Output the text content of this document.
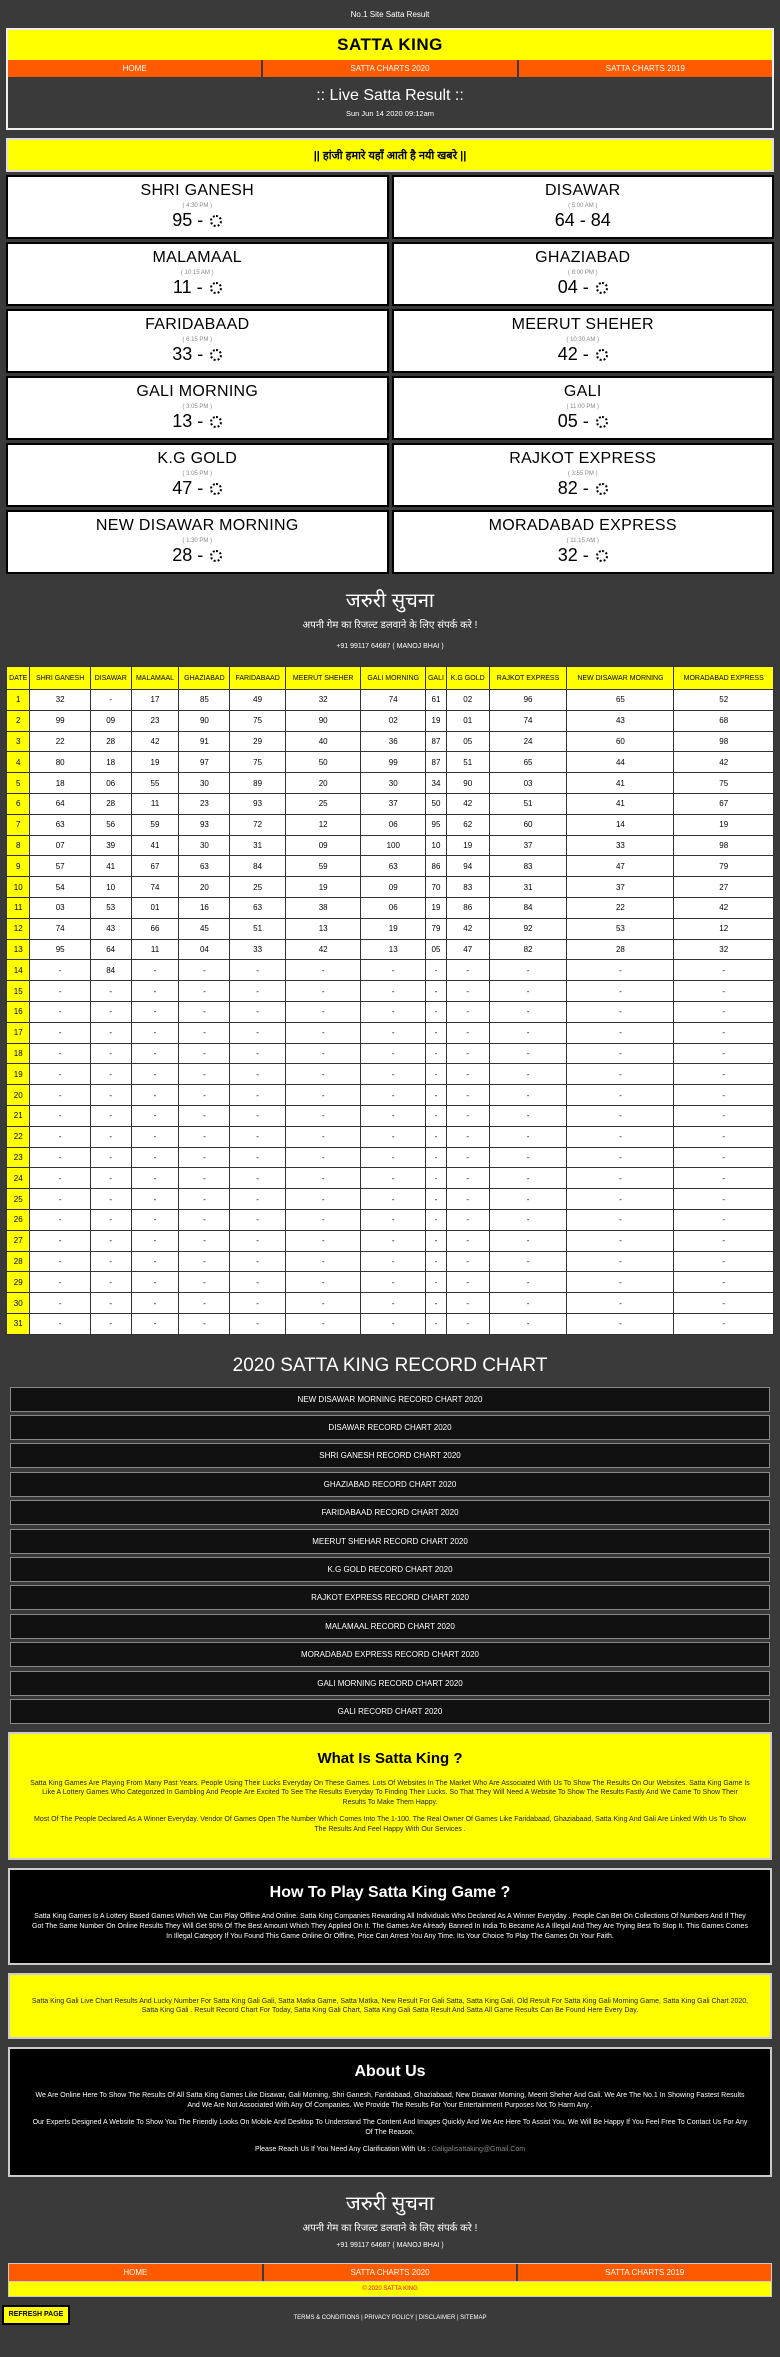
No.1 Site Satta Result
SATTA KING
HOME	SATTA CHARTS 2020	SATTA CHARTS 2019
:: Live Satta Result ::
Sun Jun 14 2020 09:12am
|| हांजी हमारे यहाँ आती है नयी खबरे ||
SHRI GANESH
( 4:30 PM )
95 -
DISAWAR
( 5:00 AM )
64 - 84
MALAMAAL
( 10:15 AM )
11 -
GHAZIABAD
( 8:00 PM )
04 -
FARIDABAAD
( 6:15 PM )
33 -
MEERUT SHEHER
( 10:30 AM )
42 -
GALI MORNING
( 3:05 PM )
13 -
GALI
( 11:00 PM )
05 -
K.G GOLD
( 3:05 PM )
47 -
RAJKOT EXPRESS
( 3:55 PM )
82 -
NEW DISAWAR MORNING
( 1:30 PM )
28 -
MORADABAD EXPRESS
( 11:15 AM )
32 -
जरुरी सुचना
अपनी गेम का रिजल्ट डलवाने के लिए संपर्क करे !
+91 99117 64687 ( MANOJ BHAI )
DATE	SHRI GANESH	DISAWAR	MALAMAAL	GHAZIABAD	FARIDABAAD	MEERUT SHEHER	GALI MORNING	GALI	K.G GOLD	RAJKOT EXPRESS	NEW DISAWAR MORNING	MORADABAD EXPRESS
1	32	-	17	85	49	32	74	61	02	96	65	52
2	99	09	23	90	75	90	02	19	01	74	43	68
3	22	28	42	91	29	40	36	87	05	24	60	98
4	80	18	19	97	75	50	99	87	51	65	44	42
5	18	06	55	30	89	20	30	34	90	03	41	75
6	64	28	11	23	93	25	37	50	42	51	41	67
7	63	56	59	93	72	12	06	95	62	60	14	19
8	07	39	41	30	31	09	100	10	19	37	33	98
9	57	41	67	63	84	59	63	86	94	83	47	79
10	54	10	74	20	25	19	09	70	83	31	37	27
11	03	53	01	16	63	38	06	19	86	84	22	42
12	74	43	66	45	51	13	19	79	42	92	53	12
13	95	64	11	04	33	42	13	05	47	82	28	32
14	-	84	-	-	-	-	-	-	-	-	-	-
15	-	-	-	-	-	-	-	-	-	-	-	-
16	-	-	-	-	-	-	-	-	-	-	-	-
17	-	-	-	-	-	-	-	-	-	-	-	-
18	-	-	-	-	-	-	-	-	-	-	-	-
19	-	-	-	-	-	-	-	-	-	-	-	-
20	-	-	-	-	-	-	-	-	-	-	-	-
21	-	-	-	-	-	-	-	-	-	-	-	-
22	-	-	-	-	-	-	-	-	-	-	-	-
23	-	-	-	-	-	-	-	-	-	-	-	-
24	-	-	-	-	-	-	-	-	-	-	-	-
25	-	-	-	-	-	-	-	-	-	-	-	-
26	-	-	-	-	-	-	-	-	-	-	-	-
27	-	-	-	-	-	-	-	-	-	-	-	-
28	-	-	-	-	-	-	-	-	-	-	-	-
29	-	-	-	-	-	-	-	-	-	-	-	-
30	-	-	-	-	-	-	-	-	-	-	-	-
31	-	-	-	-	-	-	-	-	-	-	-	-
2020 SATTA KING RECORD CHART
NEW DISAWAR MORNING RECORD CHART 2020
DISAWAR RECORD CHART 2020
SHRI GANESH RECORD CHART 2020
GHAZIABAD RECORD CHART 2020
FARIDABAAD RECORD CHART 2020
MEERUT SHEHAR RECORD CHART 2020
K.G GOLD RECORD CHART 2020
RAJKOT EXPRESS RECORD CHART 2020
MALAMAAL RECORD CHART 2020
MORADABAD EXPRESS RECORD CHART 2020
GALI MORNING RECORD CHART 2020
GALI RECORD CHART 2020
What Is Satta King ?

Satta King Games Are Playing From Many Past Years. People Using Their Lucks Everyday On These Games. Lots Of Websites In The Market Who Are Associated With Us To Show The Results On Our Websites. Satta King Game Is Like A Lottery Games Who Categorized In Gambling And People Are Excited To See The Results Everyday To Finding Their Lucks. So That They Will Need A Website To Show The Results Fastly And We Came To Show Their Results To Make Them Happy.

Most Of The People Declared As A Winner Everyday. Vendor Of Games Open The Number Which Comes Into The 1-100. The Real Owner Of Games Like Faridabaad, Ghaziabaad, Satta King And Gali Are Linked With Us To Show The Results And Feel Happy With Our Services .

How To Play Satta King Game ?

Satta King Games Is A Lottery Based Games Which We Can Play Offline And Online. Satta King Companies Rewarding All Individuals Who Declared As A Winner Everyday . People Can Bet On Collections Of Numbers And If They Got The Same Number On Online Results They Will Get 90% Of The Best Amount Which They Applied On It. The Games Are Already Banned In India To Became As A Illegal And They Are Trying Best To Stop It. This Games Comes In Illegal Category If You Found This Game Online Or Offline, Price Can Arrest You Any Time. Its Your Choice To Play The Games On Your Faith.

Satta King Gali Live Chart Results And Lucky Number For Satta King Gali Gali, Satta Matka Game, Satta Matka, New Result For Gali Satta, Satta King Gali, Old Result For Satta King Gali Morning Game, Satta King Gali Chart 2020, Satta King Gali . Result Record Chart For Today, Satta King Gali Chart, Satta King Gali Satta Result And Satta All Game Results Can Be Found Here Every Day.

About Us

We Are Online Here To Show The Results Of All Satta King Games Like Disawar, Gali Morning, Shri Ganesh, Faridabaad, Ghaziabaad, New Disawar Morning, Meerit Sheher And Gali. We Are The No.1 In Showing Fastest Results And We Are Not Associated With Any Of Companies. We Provide The Results For Your Entertainment Purposes Not To Harm Any .

Our Experts Designed A Website To Show You The Friendly Looks On Mobile And Desktop To Understand The Content And Images Quickly And We Are Here To Assist You, We Will Be Happy If You Feel Free To Contact Us For Any Of The Reason.

Please Reach Us If You Need Any Clarification With Us : Galigalisattaking@Gmail.Com

जरुरी सुचना
अपनी गेम का रिजल्ट डलवाने के लिए संपर्क करे !
+91 99117 64687 ( MANOJ BHAI )
HOME	SATTA CHARTS 2020	SATTA CHARTS 2019
© 2020 SATTA KING
REFRESH PAGE	TERMS & CONDITIONS | PRIVACY POLICY | DISCLAIMER | SITEMAP
